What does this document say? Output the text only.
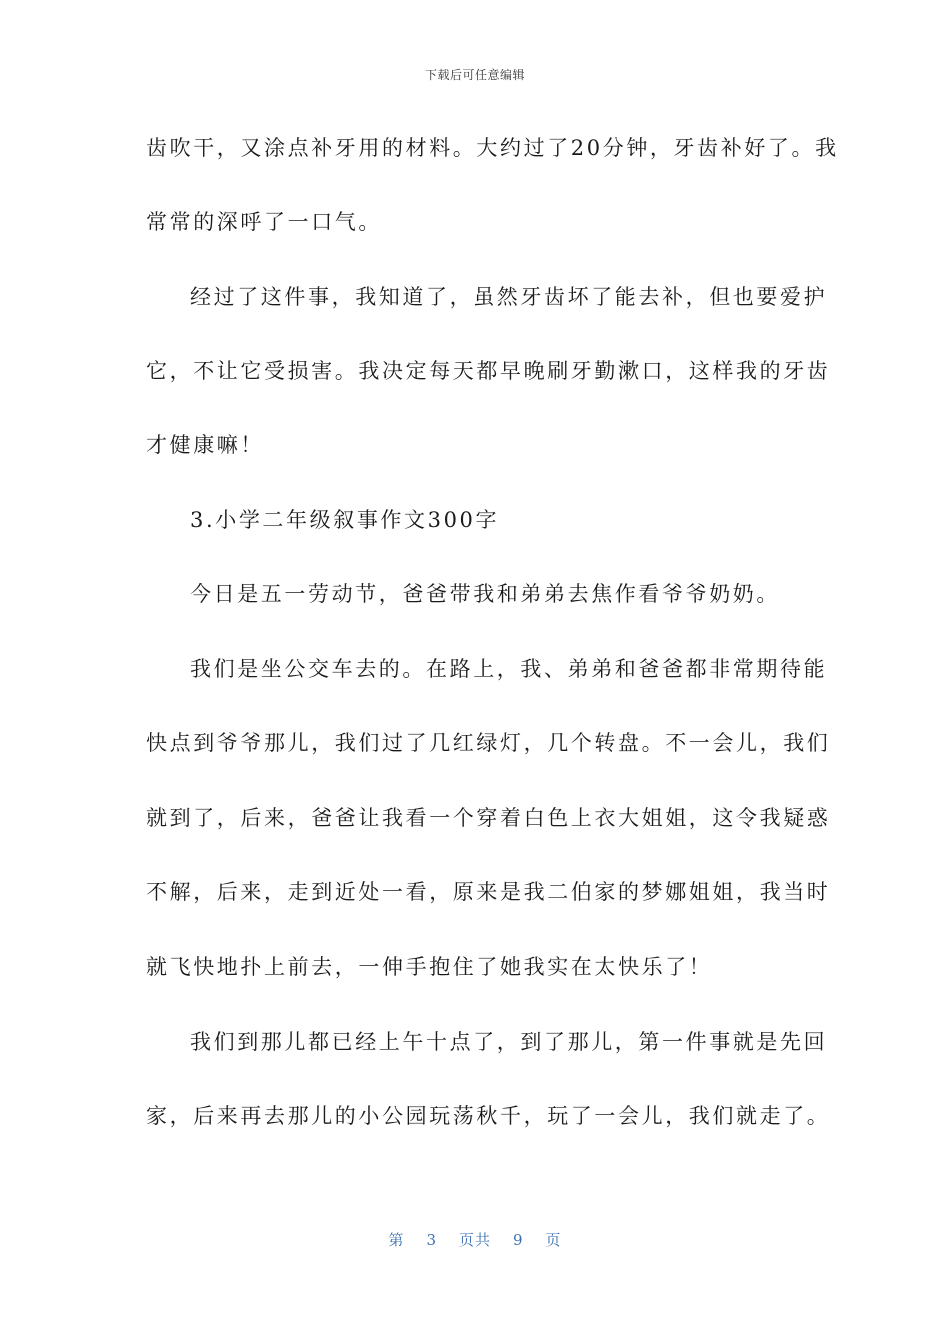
下载后可任意编辑
齿吹干，又涂点补牙用的材料。大约过了20分钟，牙齿补好了。我
常常的深呼了一口气。
经过了这件事，我知道了，虽然牙齿坏了能去补，但也要爱护
它，不让它受损害。我决定每天都早晚刷牙勤漱口，这样我的牙齿
才健康嘛！
3.小学二年级叙事作文300字
今日是五一劳动节，爸爸带我和弟弟去焦作看爷爷奶奶。
我们是坐公交车去的。在路上，我、弟弟和爸爸都非常期待能
快点到爷爷那儿，我们过了几红绿灯，几个转盘。不一会儿，我们
就到了，后来，爸爸让我看一个穿着白色上衣大姐姐，这令我疑惑
不解，后来，走到近处一看，原来是我二伯家的梦娜姐姐，我当时
就飞快地扑上前去，一伸手抱住了她我实在太快乐了！
我们到那儿都已经上午十点了，到了那儿，第一件事就是先回
家，后来再去那儿的小公园玩荡秋千，玩了一会儿，我们就走了。
第 3 页共 9 页
